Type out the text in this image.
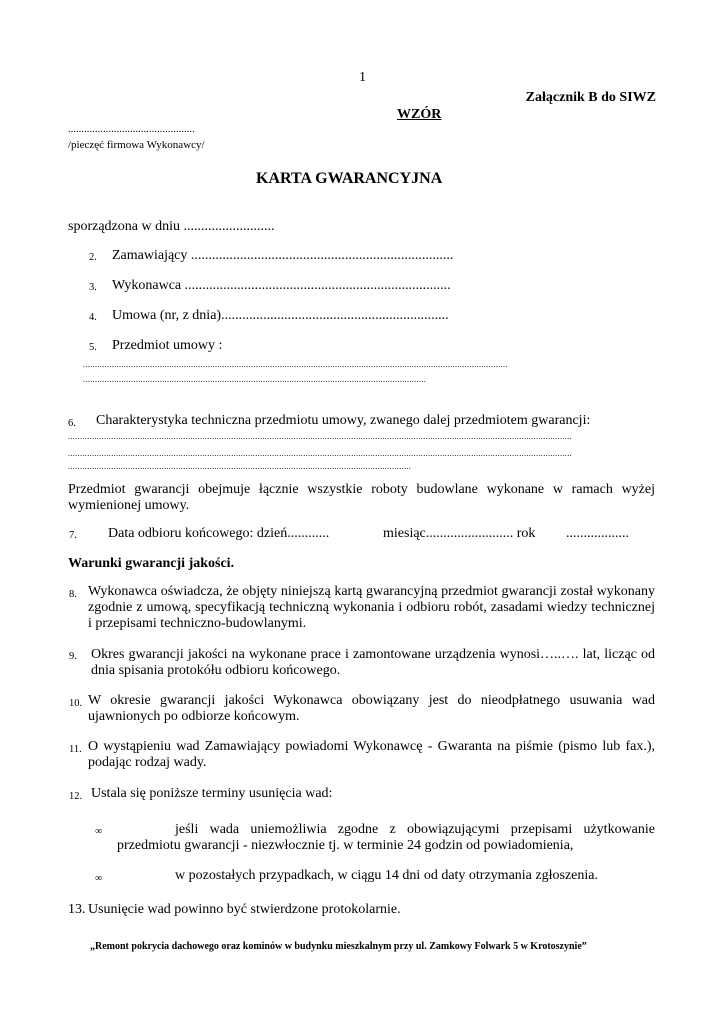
1
Załącznik B do SIWZ
WZÓR
...............................................
/pieczęć firmowa Wykonawcy/
KARTA GWARANCYJNA
sporządzona w dniu ..........................
2. Zamawiający ...........................................................................
3. Wykonawca ............................................................................
4. Umowa (nr, z dnia).................................................................
5. Przedmiot umowy :
.................................................................................................................................................................................
...............................................................................................................................................
6. Charakterystyka techniczna przedmiotu umowy, zwanego dalej przedmiotem gwarancji:
..................................................................................................................................................................................................................
..................................................................................................................................................................................................................
...............................................................................................................................................
Przedmiot gwarancji obejmuje łącznie wszystkie roboty budowlane wykonane w ramach wyżej wymienionej umowy.
7. Data odbioru końcowego: dzień............	miesiąc......................... rok ..................
Warunki gwarancji jakości.
8. Wykonawca oświadcza, że objęty niniejszą kartą gwarancyjną przedmiot gwarancji został wykonany zgodnie z umową, specyfikacją techniczną wykonania i odbioru robót, zasadami wiedzy technicznej i przepisami techniczno-budowlanymi.
9. Okres gwarancji jakości na wykonane prace i zamontowane urządzenia wynosi…..…. lat, licząc od dnia spisania protokółu odbioru końcowego.
10. W okresie gwarancji jakości Wykonawca obowiązany jest do nieodpłatnego usuwania wad ujawnionych po odbiorze końcowym.
11. O wystąpieniu wad Zamawiający powiadomi Wykonawcę - Gwaranta na piśmie (pismo lub fax.), podając rodzaj wady.
12. Ustala się poniższe terminy usunięcia wad:
∞	jeśli wada uniemożliwia zgodne z obowiązującymi przepisami użytkowanie przedmiotu gwarancji - niezwłocznie tj. w terminie 24 godzin od powiadomienia,
∞	w pozostałych przypadkach, w ciągu 14 dni od daty otrzymania zgłoszenia.
13. Usunięcie wad powinno być stwierdzone protokolarnie.
„Remont pokrycia dachowego oraz kominów w budynku mieszkalnym przy ul. Zamkowy Folwark 5 w Krotoszynie”
